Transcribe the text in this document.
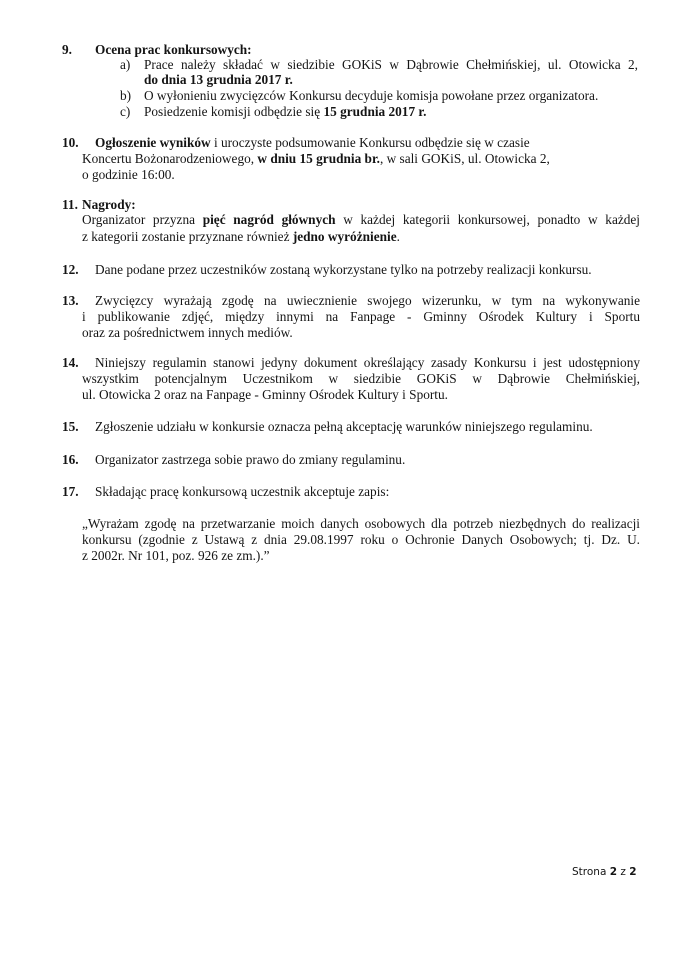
9. Ocena prac konkursowych:
a) Prace należy składać w siedzibie GOKiS w Dąbrowie Chełmińskiej, ul. Otowicka 2,
do dnia 13 grudnia 2017 r.
b) O wyłonieniu zwycięzców Konkursu decyduje komisja powołane przez organizatora.
c) Posiedzenie komisji odbędzie się 15 grudnia 2017 r.
10. Ogłoszenie wyników i uroczyste podsumowanie Konkursu odbędzie się w czasie
Koncertu Bożonarodzeniowego, w dniu 15 grudnia br., w sali GOKiS, ul. Otowicka 2,
o godzinie 16:00.
11. Nagrody:
Organizator przyzna pięć nagród głównych w każdej kategorii konkursowej, ponadto w każdej
z kategorii zostanie przyznane również jedno wyróżnienie.
12. Dane podane przez uczestników zostaną wykorzystane tylko na potrzeby realizacji konkursu.
13. Zwycięzcy wyrażają zgodę na uwiecznienie swojego wizerunku, w tym na wykonywanie
i publikowanie zdjęć, między innymi na Fanpage - Gminny Ośrodek Kultury i Sportu
oraz za pośrednictwem innych mediów.
14. Niniejszy regulamin stanowi jedyny dokument określający zasady Konkursu i jest udostępniony
wszystkim potencjalnym Uczestnikom w siedzibie GOKiS w Dąbrowie Chełmińskiej,
ul. Otowicka 2 oraz na Fanpage - Gminny Ośrodek Kultury i Sportu.
15. Zgłoszenie udziału w konkursie oznacza pełną akceptację warunków niniejszego regulaminu.
16. Organizator zastrzega sobie prawo do zmiany regulaminu.
17. Składając pracę konkursową uczestnik akceptuje zapis:
„Wyrażam zgodę na przetwarzanie moich danych osobowych dla potrzeb niezbędnych do realizacji
konkursu (zgodnie z Ustawą z dnia 29.08.1997 roku o Ochronie Danych Osobowych; tj. Dz. U.
z 2002r. Nr 101, poz. 926 ze zm.).”
Strona 2 z 2
